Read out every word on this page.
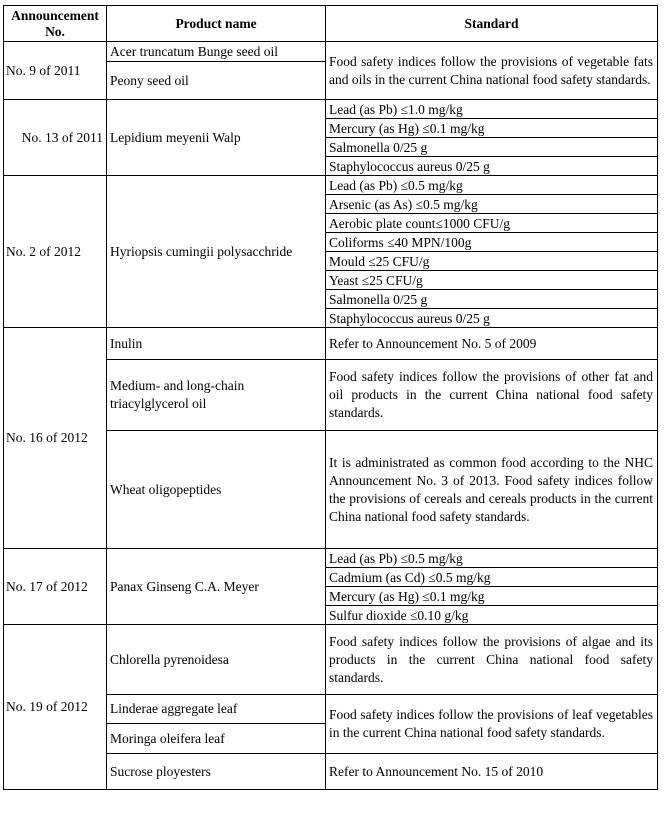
Announcement No.	Product name	Standard
No. 9 of 2011	Acer truncatum Bunge seed oil	Food safety indices follow the provisions of vegetable fats and oils in the current China national food safety standards.
	Peony seed oil	
No. 13 of 2011	Lepidium meyenii Walp	Lead (as Pb) ≤1.0 mg/kg
		Mercury (as Hg) ≤0.1 mg/kg
		Salmonella 0/25 g
		Staphylococcus aureus 0/25 g
No. 2 of 2012	Hyriopsis cumingii polysacchride	Lead (as Pb) ≤0.5 mg/kg
		Arsenic (as As) ≤0.5 mg/kg
		Aerobic plate count≤1000 CFU/g
		Coliforms ≤40 MPN/100g
		Mould ≤25 CFU/g
		Yeast ≤25 CFU/g
		Salmonella 0/25 g
		Staphylococcus aureus 0/25 g
No. 16 of 2012	Inulin	Refer to Announcement No. 5 of 2009
	Medium- and long-chain triacylglycerol oil	Food safety indices follow the provisions of other fat and oil products in the current China national food safety standards.
	Wheat oligopeptides	It is administrated as common food according to the NHC Announcement No. 3 of 2013. Food safety indices follow the provisions of cereals and cereals products in the current China national food safety standards.
No. 17 of 2012	Panax Ginseng C.A. Meyer	Lead (as Pb) ≤0.5 mg/kg
		Cadmium (as Cd) ≤0.5 mg/kg
		Mercury (as Hg) ≤0.1 mg/kg
		Sulfur dioxide ≤0.10 g/kg
No. 19 of 2012	Chlorella pyrenoidesa	Food safety indices follow the provisions of algae and its products in the current China national food safety standards.
	Linderae aggregate leaf	Food safety indices follow the provisions of leaf vegetables in the current China national food safety standards.
	Moringa oleifera leaf	
	Sucrose ployesters	Refer to Announcement No. 15 of 2010
